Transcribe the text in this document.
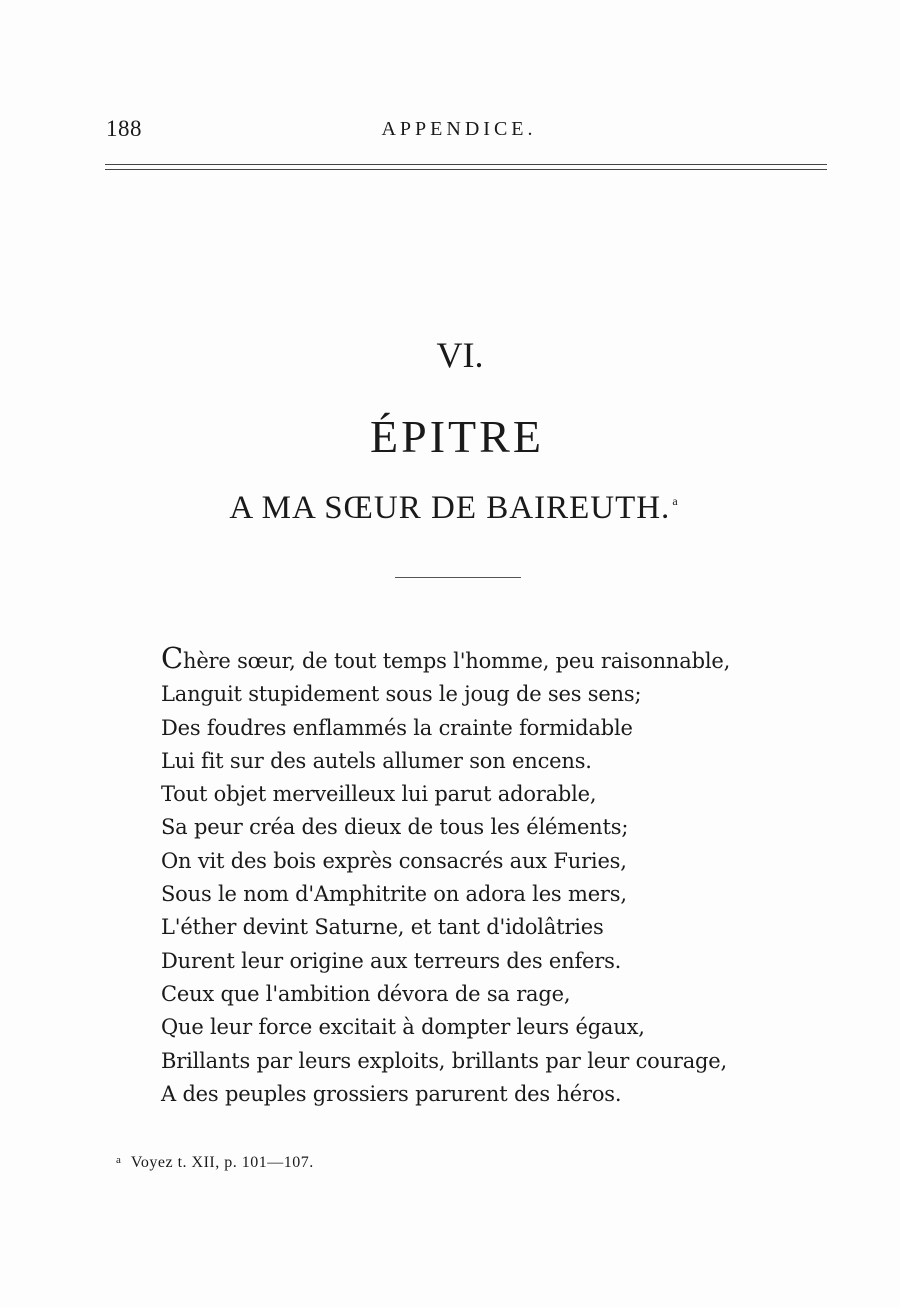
188	APPENDICE.
VI.
ÉPITRE
A MA SŒUR DE BAIREUTH. $^a$
Chère sœur, de tout temps l'homme, peu raisonnable,
Languit stupidement sous le joug de ses sens;
Des foudres enflammés la crainte formidable
Lui fit sur des autels allumer son encens.
Tout objet merveilleux lui parut adorable,
Sa peur créa des dieux de tous les éléments;
On vit des bois exprès consacrés aux Furies,
Sous le nom d'Amphitrite on adora les mers,
L'éther devint Saturne, et tant d'idolâtries
Durent leur origine aux terreurs des enfers.
Ceux que l'ambition dévora de sa rage,
Que leur force excitait à dompter leurs égaux,
Brillants par leurs exploits, brillants par leur courage,
A des peuples grossiers parurent des héros.
$^a$ Voyez t. XII, p. 101—107.
